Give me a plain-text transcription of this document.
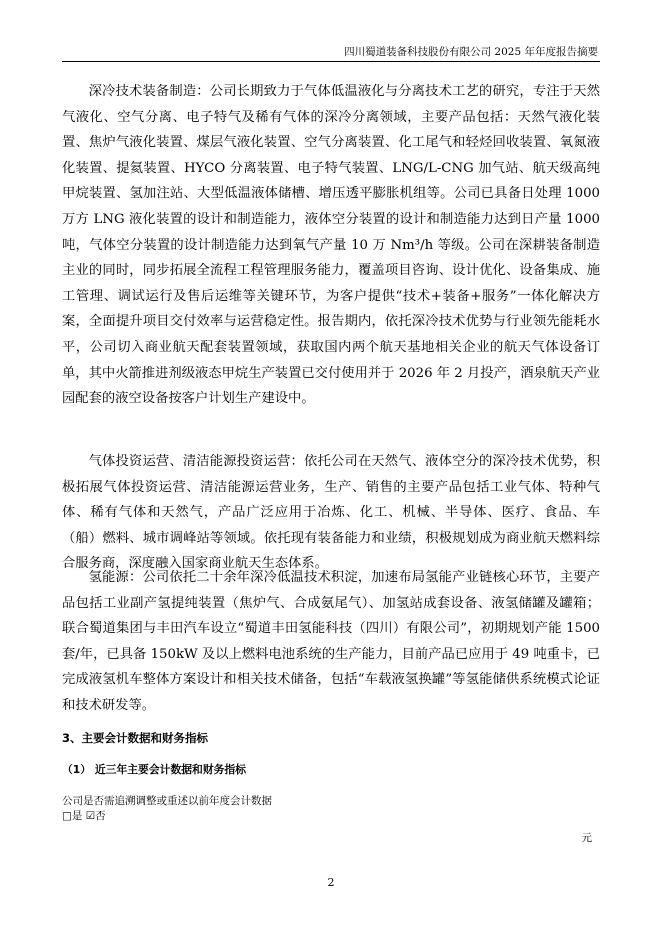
四川蜀道装备科技股份有限公司 2025 年年度报告摘要

深冷技术装备制造：公司长期致力于气体低温液化与分离技术工艺的研究，专注于天然气液化、空气分离、电子特气及稀有气体的深冷分离领域，主要产品包括：天然气液化装置、焦炉气液化装置、煤层气液化装置、空气分离装置、化工尾气和轻烃回收装置、氧氮液化装置、提氦装置、HYCO 分离装置、电子特气装置、LNG/L-CNG 加气站、航天级高纯甲烷装置、氢加注站、大型低温液体储槽、增压透平膨胀机组等。公司已具备日处理 1000 万方 LNG 液化装置的设计和制造能力，液体空分装置的设计和制造能力达到日产量 1000 吨，气体空分装置的设计制造能力达到氧气产量 10 万 Nm³/h 等级。公司在深耕装备制造主业的同时，同步拓展全流程工程管理服务能力，覆盖项目咨询、设计优化、设备集成、施工管理、调试运行及售后运维等关键环节，为客户提供“技术+装备+服务”一体化解决方案，全面提升项目交付效率与运营稳定性。报告期内，依托深冷技术优势与行业领先能耗水平，公司切入商业航天配套装置领域，获取国内两个航天基地相关企业的航天气体设备订单，其中火箭推进剂级液态甲烷生产装置已交付使用并于 2026 年 2 月投产，酒泉航天产业园配套的液空设备按客户计划生产建设中。

气体投资运营、清洁能源投资运营：依托公司在天然气、液体空分的深冷技术优势，积极拓展气体投资运营、清洁能源运营业务，生产、销售的主要产品包括工业气体、特种气体、稀有气体和天然气，产品广泛应用于冶炼、化工、机械、半导体、医疗、食品、车（船）燃料、城市调峰站等领域。依托现有装备能力和业绩，积极规划成为商业航天燃料综合服务商，深度融入国家商业航天生态体系。

氢能源：公司依托二十余年深冷低温技术积淀，加速布局氢能产业链核心环节，主要产品包括工业副产氢提纯装置（焦炉气、合成氨尾气）、加氢站成套设备、液氢储罐及罐箱；联合蜀道集团与丰田汽车设立“蜀道丰田氢能科技（四川）有限公司”，初期规划产能 1500 套/年，已具备 150kW 及以上燃料电池系统的生产能力，目前产品已应用于 49 吨重卡，已完成液氢机车整体方案设计和相关技术储备，包括“车载液氢换罐”等氢能储供系统模式论证和技术研发等。

3、主要会计数据和财务指标
（1） 近三年主要会计数据和财务指标
公司是否需追溯调整或重述以前年度会计数据
□是 ☑否
元
2
